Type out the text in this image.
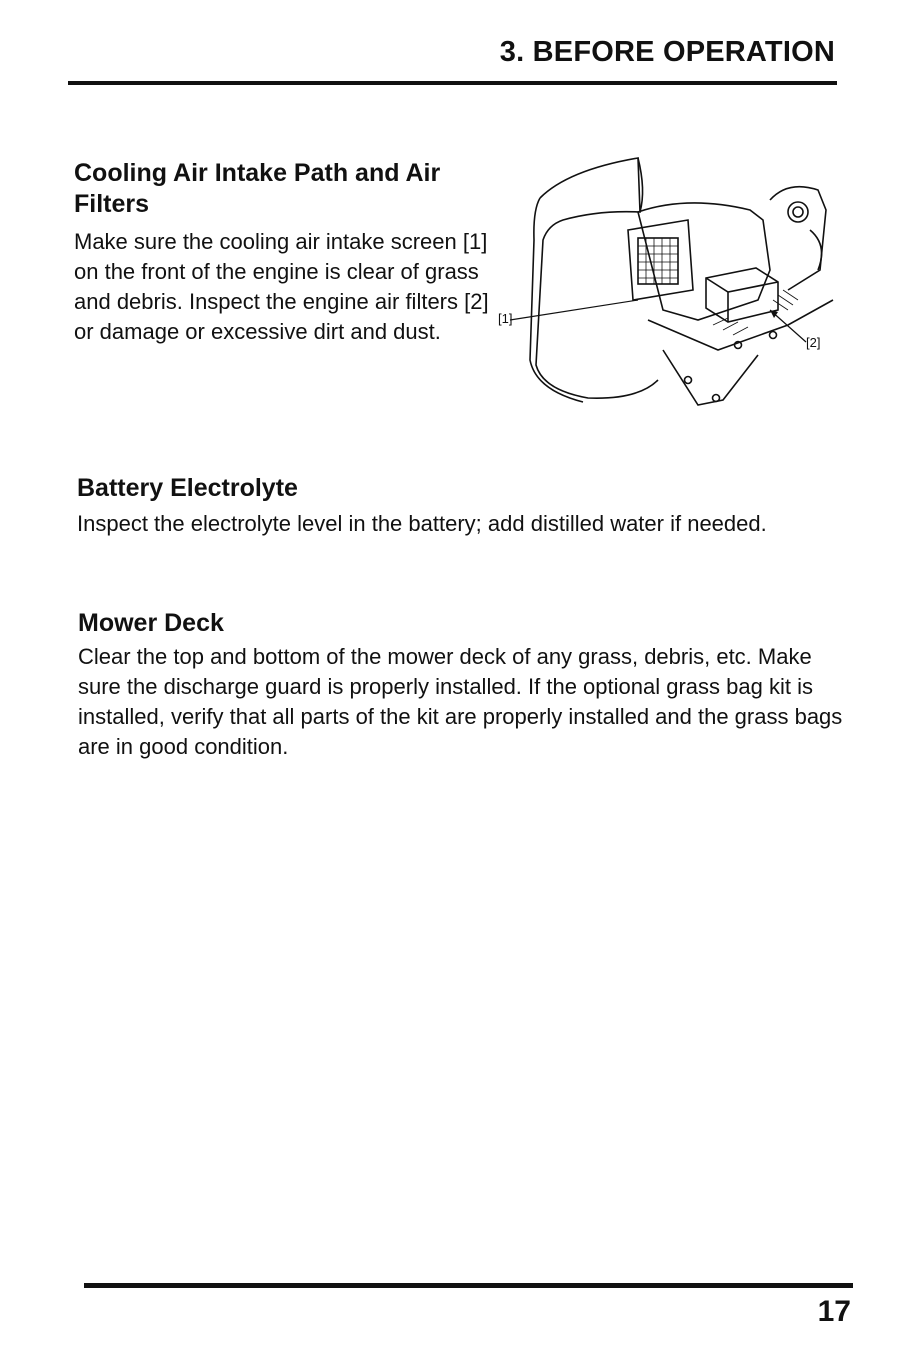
3. BEFORE OPERATION
Cooling Air Intake Path and Air Filters

Make sure the cooling air intake screen [1] on the front of the engine is clear of grass and debris. Inspect the engine air filters [2] or damage or excessive dirt and dust.

[1]
[2]
Battery Electrolyte

Inspect the electrolyte level in the battery; add distilled water if needed.

Mower Deck

Clear the top and bottom of the mower deck of any grass, debris, etc. Make sure the discharge guard is properly installed. If the optional grass bag kit is installed, verify that all parts of the kit are properly installed and the grass bags are in good condition.

17
